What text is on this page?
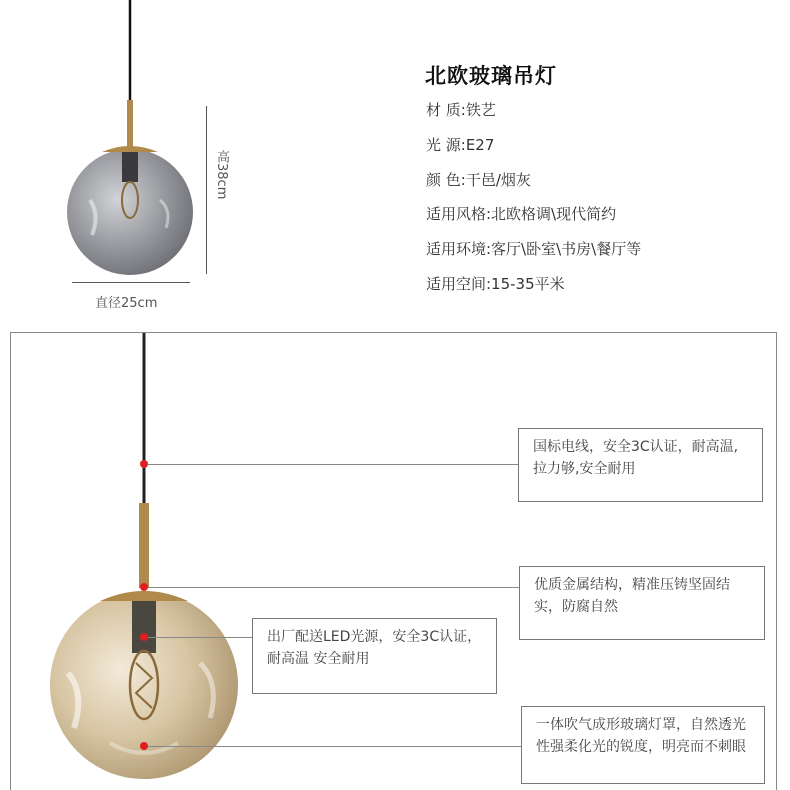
高38cm
直径25cm
北欧玻璃吊灯
材 质:铁艺
光 源:E27
颜 色:干邑/烟灰
适用风格:北欧格调\现代简约
适用环境:客厅\卧室\书房\餐厅等
适用空间:15-35平米
国标电线，安全3C认证，耐高温,拉力够,安全耐用
优质金属结构，精准压铸坚固结实，防腐自然
出厂配送LED光源，安全3C认证，耐高温 安全耐用
一体吹气成形玻璃灯罩，自然透光性强柔化光的锐度，明亮而不刺眼
